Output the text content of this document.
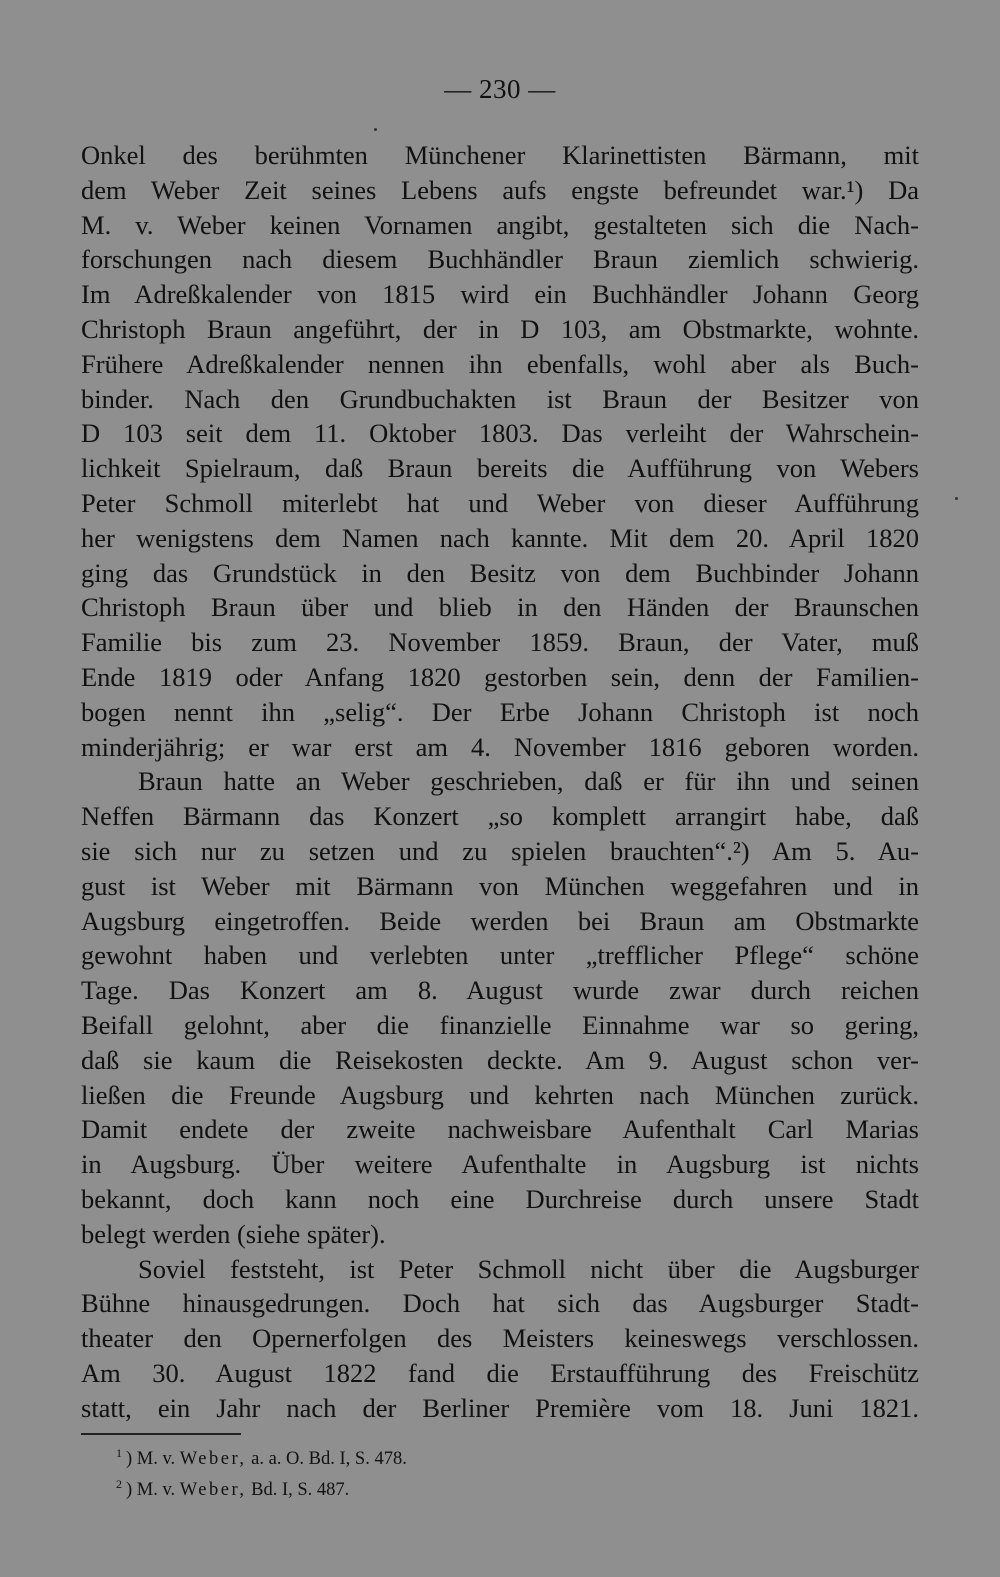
— 230 —
Onkel des berühmten Münchener Klarinettisten Bärmann, mit
dem Weber Zeit seines Lebens aufs engste befreundet war.¹) Da
M. v. Weber keinen Vornamen angibt, gestalteten sich die Nach-
forschungen nach diesem Buchhändler Braun ziemlich schwierig.
Im Adreßkalender von 1815 wird ein Buchhändler Johann Georg
Christoph Braun angeführt, der in D 103, am Obstmarkte, wohnte.
Frühere Adreßkalender nennen ihn ebenfalls, wohl aber als Buch-
binder. Nach den Grundbuchakten ist Braun der Besitzer von
D 103 seit dem 11. Oktober 1803. Das verleiht der Wahrschein-
lichkeit Spielraum, daß Braun bereits die Aufführung von Webers
Peter Schmoll miterlebt hat und Weber von dieser Aufführung
her wenigstens dem Namen nach kannte. Mit dem 20. April 1820
ging das Grundstück in den Besitz von dem Buchbinder Johann
Christoph Braun über und blieb in den Händen der Braunschen
Familie bis zum 23. November 1859. Braun, der Vater, muß
Ende 1819 oder Anfang 1820 gestorben sein, denn der Familien-
bogen nennt ihn „selig“. Der Erbe Johann Christoph ist noch
minderjährig; er war erst am 4. November 1816 geboren worden.
Braun hatte an Weber geschrieben, daß er für ihn und seinen
Neffen Bärmann das Konzert „so komplett arrangirt habe, daß
sie sich nur zu setzen und zu spielen brauchten“.²) Am 5. Au-
gust ist Weber mit Bärmann von München weggefahren und in
Augsburg eingetroffen. Beide werden bei Braun am Obstmarkte
gewohnt haben und verlebten unter „trefflicher Pflege“ schöne
Tage. Das Konzert am 8. August wurde zwar durch reichen
Beifall gelohnt, aber die finanzielle Einnahme war so gering,
daß sie kaum die Reisekosten deckte. Am 9. August schon ver-
ließen die Freunde Augsburg und kehrten nach München zurück.
Damit endete der zweite nachweisbare Aufenthalt Carl Marias
in Augsburg. Über weitere Aufenthalte in Augsburg ist nichts
bekannt, doch kann noch eine Durchreise durch unsere Stadt
belegt werden (siehe später).
Soviel feststeht, ist Peter Schmoll nicht über die Augsburger
Bühne hinausgedrungen. Doch hat sich das Augsburger Stadt-
theater den Opernerfolgen des Meisters keineswegs verschlossen.
Am 30. August 1822 fand die Erstaufführung des Freischütz
statt, ein Jahr nach der Berliner Première vom 18. Juni 1821.
$^1$ ) M. v. Weber, a. a. O. Bd. I, S. 478.
$^2$ ) M. v. Weber, Bd. I, S. 487.
